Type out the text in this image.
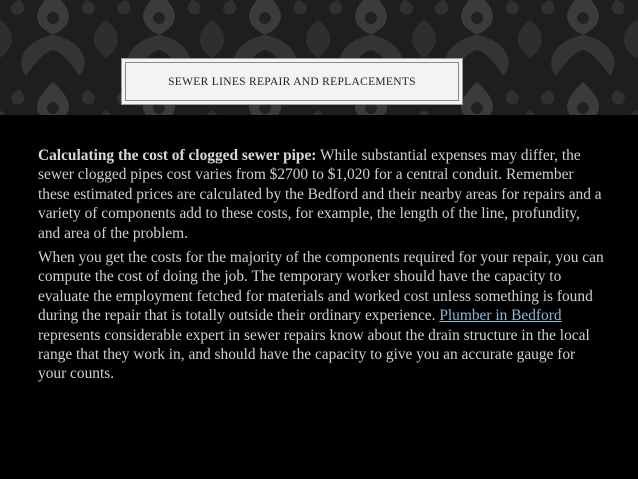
SEWER LINES REPAIR AND REPLACEMENTS

Calculating the cost of clogged sewer pipe: While substantial expenses may differ, the sewer clogged pipes cost varies from $2700 to $1,020 for a central conduit. Remember these estimated prices are calculated by the Bedford and their nearby areas for repairs and a variety of components add to these costs, for example, the length of the line, profundity, and area of the problem.

When you get the costs for the majority of the components required for your repair, you can compute the cost of doing the job. The temporary worker should have the capacity to evaluate the employment fetched for materials and worked cost unless something is found during the repair that is totally outside their ordinary experience. Plumber in Bedford represents considerable expert in sewer repairs know about the drain structure in the local range that they work in, and should have the capacity to give you an accurate gauge for your counts.
